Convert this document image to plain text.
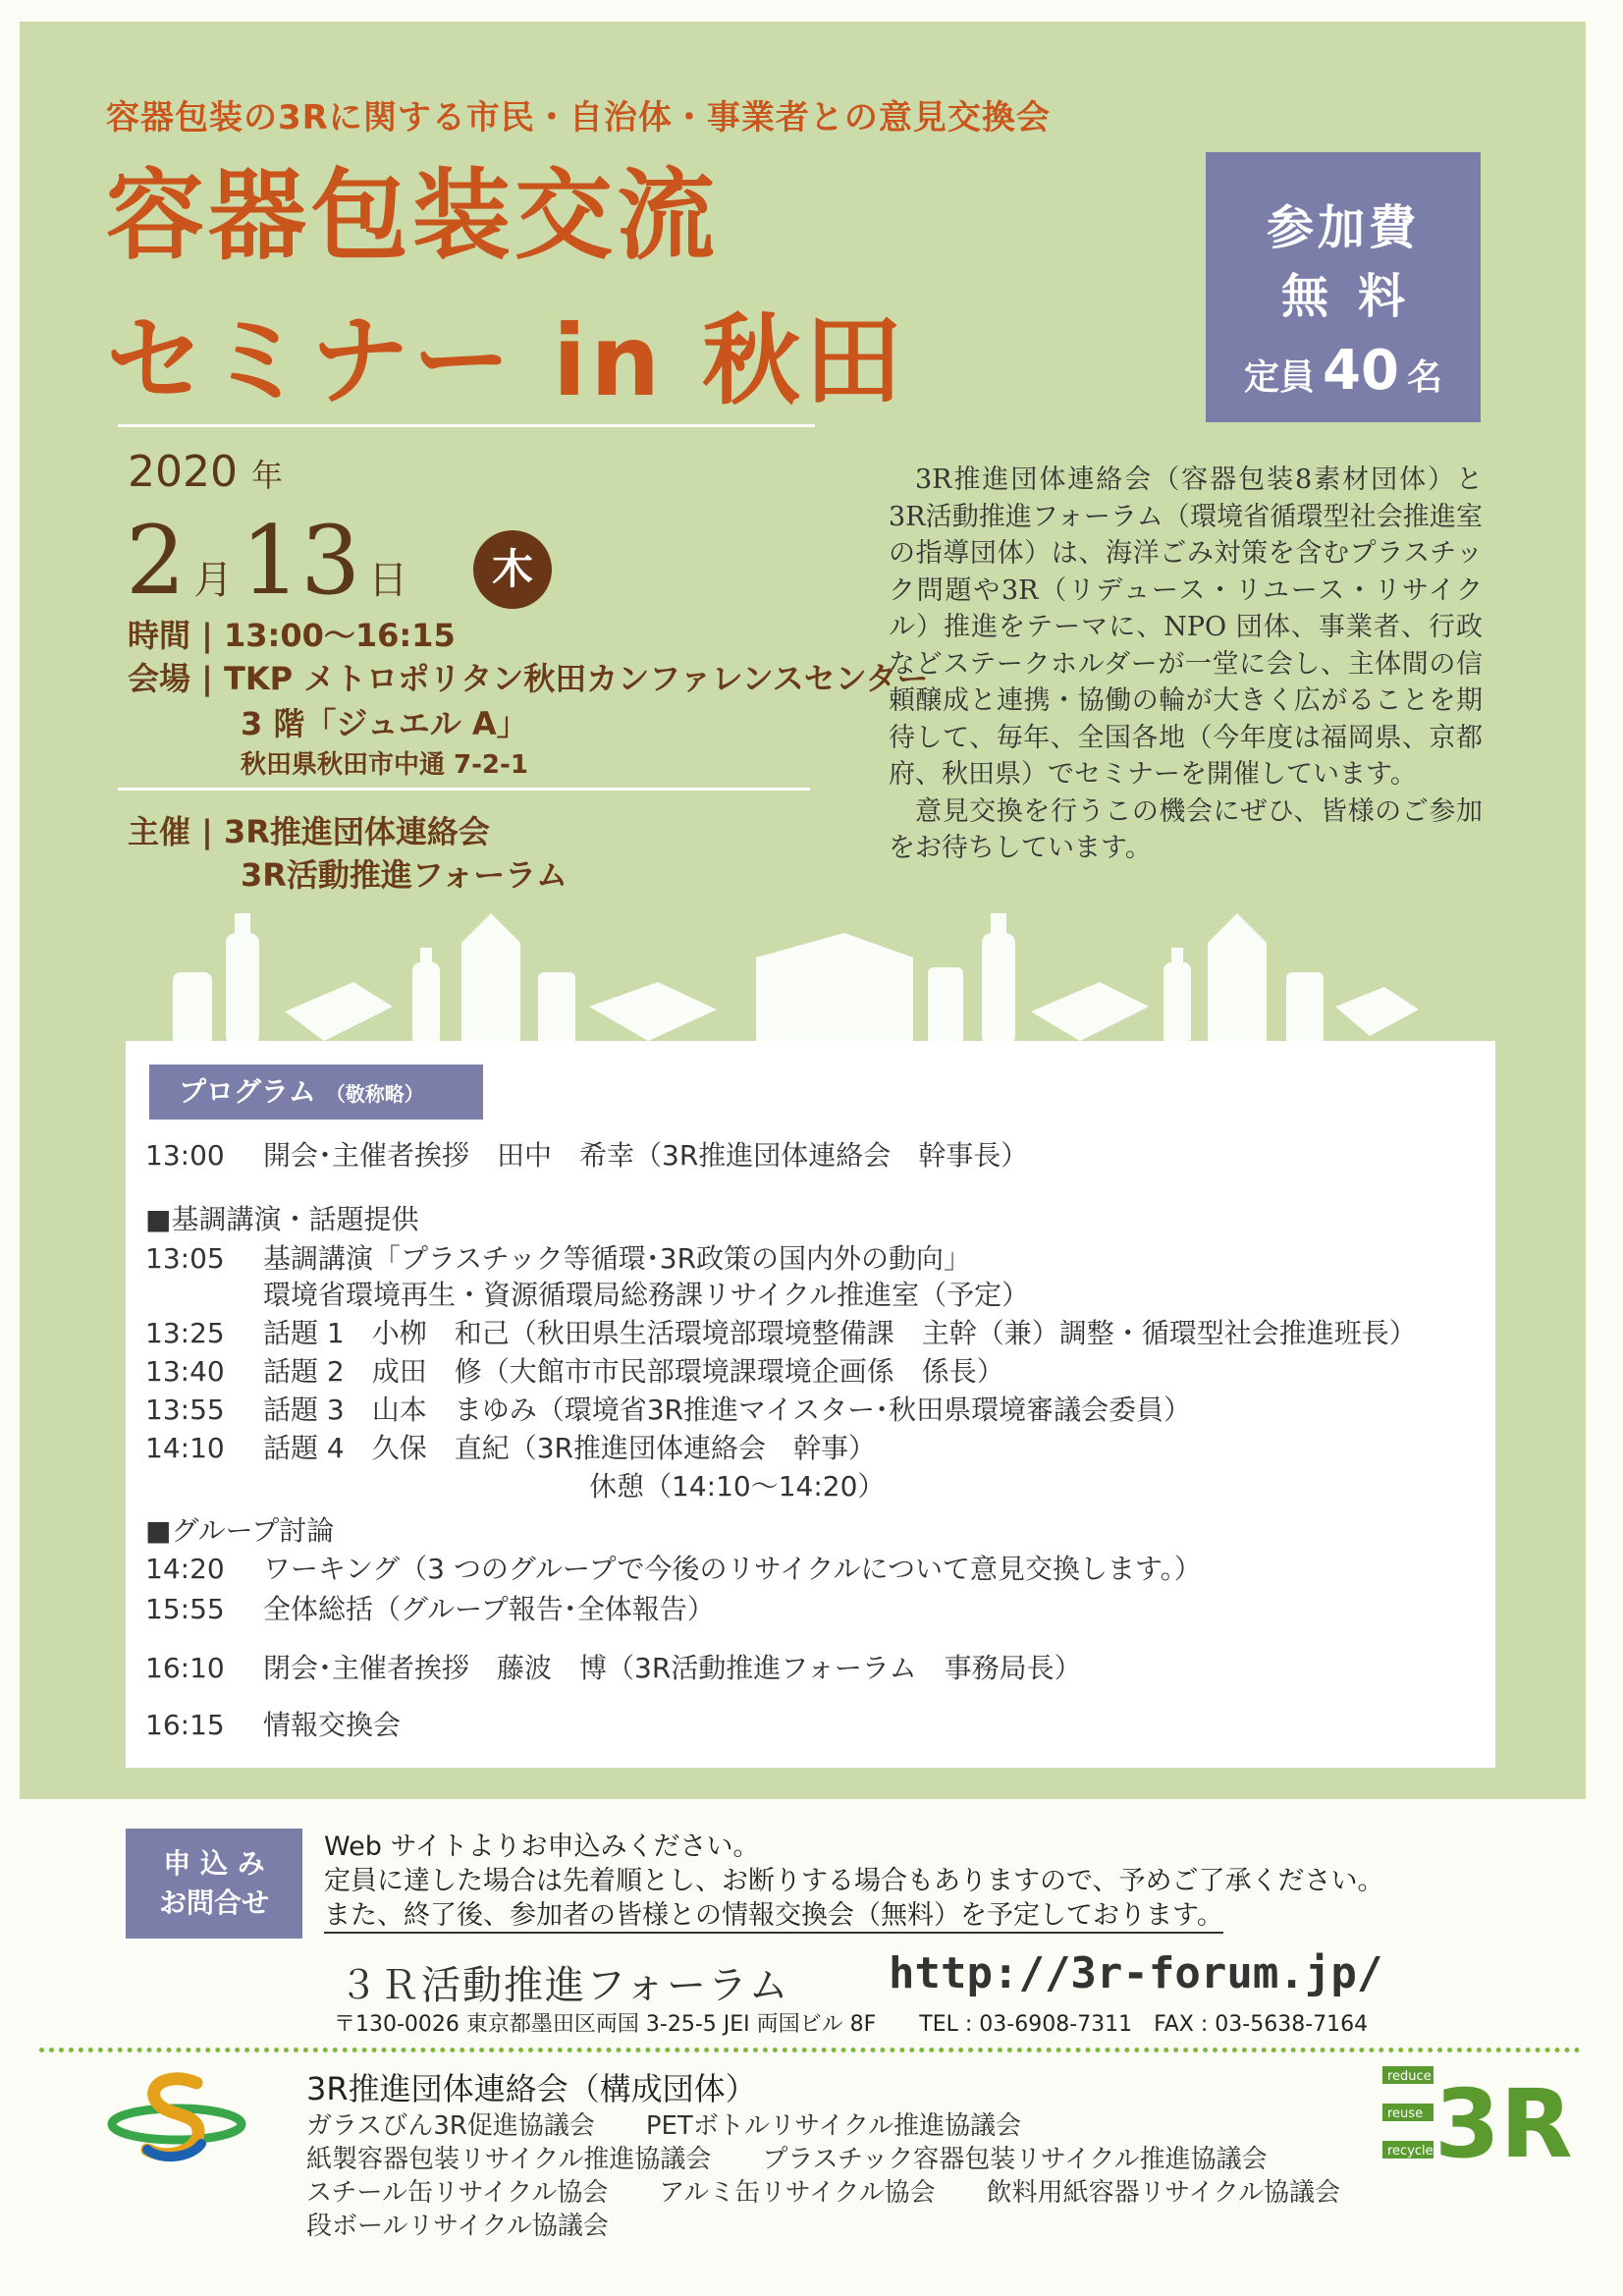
容器包装の3Rに関する市民・自治体・事業者との意見交換会
容器包装交流
セミナー in 秋田
参加費
無料
定員 40 名
2020 年
2 月13 日	木
時間 | 13:00～16:15
会場 | TKP メトロポリタン秋田カンファレンスセンター
3 階「ジュエル A」
秋田県秋田市中通 7-2-1
主催 | 3R推進団体連絡会
3R活動推進フォーラム

3R推進団体連絡会（容器包装8素材団体）と3R活動推進フォーラム（環境省循環型社会推進室の指導団体）は、海洋ごみ対策を含むプラスチック問題や3R（リデュース・リユース・リサイクル）推進をテーマに、NPO 団体、事業者、行政などステークホルダーが一堂に会し、主体間の信頼醸成と連携・協働の輪が大きく広がることを期待して、毎年、全国各地（今年度は福岡県、京都府、秋田県）でセミナーを開催しています。

意見交換を行うこの機会にぜひ、皆様のご参加をお待ちしています。

プログラム （敬称略）
13:00 開会･主催者挨拶　田中　希幸（3R推進団体連絡会　幹事長）
■基調講演・話題提供
13:05 基調講演「プラスチック等循環･3R政策の国内外の動向」
環境省環境再生・資源循環局総務課リサイクル推進室（予定）
13:25 話題 1　小栁　和己（秋田県生活環境部環境整備課　主幹（兼）調整・循環型社会推進班長）
13:40 話題 2　成田　修（大館市市民部環境課環境企画係　係長）
13:55 話題 3　山本　まゆみ（環境省3R推進マイスター･秋田県環境審議会委員）
14:10 話題 4　久保　直紀（3R推進団体連絡会　幹事）
休憩（14:10～14:20）
■グループ討論
14:20 ワーキング（3 つのグループで今後のリサイクルについて意見交換します。）
15:55 全体総括（グループ報告･全体報告）
16:10 閉会･主催者挨拶　藤波　博（3R活動推進フォーラム　事務局長）
16:15 情報交換会
申 込 み
お問合せ
Web サイトよりお申込みください。
定員に達した場合は先着順とし、お断りする場合もありますので、予めご了承ください。
また、終了後、参加者の皆様との情報交換会（無料）を予定しております。
３Ｒ活動推進フォーラム http://3r-forum.jp/
〒130-0026 東京都墨田区両国 3-25-5 JEI 両国ビル 8F　　TEL : 03-6908-7311　FAX : 03-5638-7164
3R推進団体連絡会（構成団体）
ガラスびん3R促進協議会　　PETボトルリサイクル推進協議会
紙製容器包装リサイクル推進協議会　　プラスチック容器包装リサイクル推進協議会
スチール缶リサイクル協会　　アルミ缶リサイクル協会　　飲料用紙容器リサイクル協議会
段ボールリサイクル協議会
reduce
reuse
recycle 3R
